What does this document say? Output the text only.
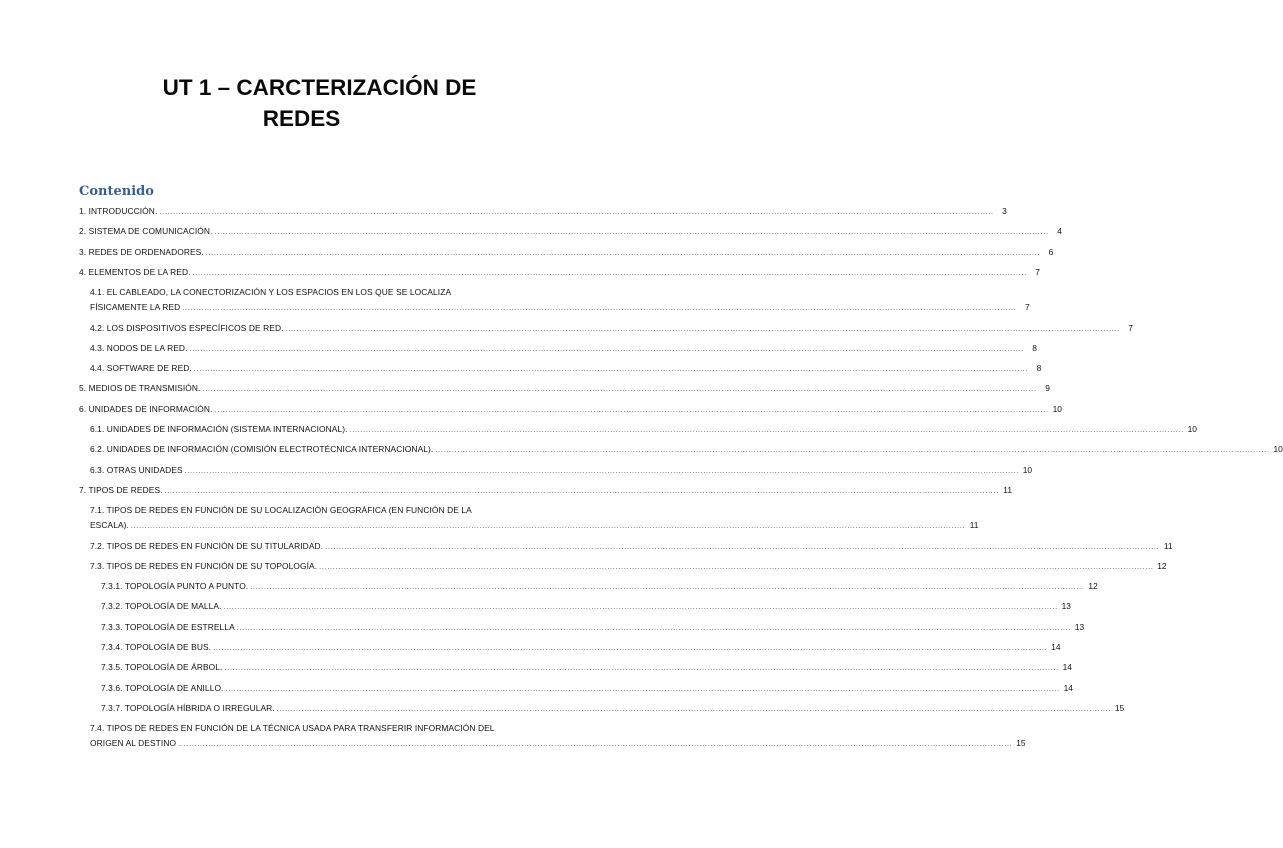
UT 1 – CARCTERIZACIÓN DE
REDES
Contenido
1. INTRODUCCIÓN. ................................................................................................................................................................................................................................................................................................................ 3
2. SISTEMA DE COMUNICACIÓN. ................................................................................................................................................................................................................................................................................................................ 4
3. REDES DE ORDENADORES. ................................................................................................................................................................................................................................................................................................................ 6
4. ELEMENTOS DE LA RED. ................................................................................................................................................................................................................................................................................................................ 7
4.1. EL CABLEADO, LA CONECTORIZACIÓN Y LOS ESPACIOS EN LOS QUE SE LOCALIZA
FÍSICAMENTE LA RED ................................................................................................................................................................................................................................................................................................................ 7
4.2. LOS DISPOSITIVOS ESPECÍFICOS DE RED. ................................................................................................................................................................................................................................................................................................................ 7
4.3. NODOS DE LA RED. ................................................................................................................................................................................................................................................................................................................ 8
4.4. SOFTWARE DE RED. ................................................................................................................................................................................................................................................................................................................ 8
5. MEDIOS DE TRANSMISIÓN. ................................................................................................................................................................................................................................................................................................................ 9
6. UNIDADES DE INFORMACIÓN. ................................................................................................................................................................................................................................................................................................................ 10
6.1. UNIDADES DE INFORMACIÓN (SISTEMA INTERNACIONAL). ................................................................................................................................................................................................................................................................................................................ 10
6.2. UNIDADES DE INFORMACIÓN (COMISIÓN ELECTROTÉCNICA INTERNACIONAL). ................................................................................................................................................................................................................................................................................................................ 10
6.3. OTRAS UNIDADES ................................................................................................................................................................................................................................................................................................................ 10
7. TIPOS DE REDES. ................................................................................................................................................................................................................................................................................................................ 11
7.1. TIPOS DE REDES EN FUNCIÓN DE SU LOCALIZACIÓN GEOGRÁFICA (EN FUNCIÓN DE LA
ESCALA). ................................................................................................................................................................................................................................................................................................................ 11
7.2. TIPOS DE REDES EN FUNCIÓN DE SU TITULARIDAD. ................................................................................................................................................................................................................................................................................................................ 11
7.3. TIPOS DE REDES EN FUNCIÓN DE SU TOPOLOGÍA. ................................................................................................................................................................................................................................................................................................................ 12
7.3.1. TOPOLOGÍA PUNTO A PUNTO. ................................................................................................................................................................................................................................................................................................................ 12
7.3.2. TOPOLOGÍA DE MALLA. ................................................................................................................................................................................................................................................................................................................ 13
7.3.3. TOPOLOGÍA DE ESTRELLA ................................................................................................................................................................................................................................................................................................................ 13
7.3.4. TOPOLOGÍA DE BUS. ................................................................................................................................................................................................................................................................................................................ 14
7.3.5. TOPOLOGÍA DE ÁRBOL. ................................................................................................................................................................................................................................................................................................................ 14
7.3.6. TOPOLOGÍA DE ANILLO. ................................................................................................................................................................................................................................................................................................................ 14
7.3.7. TOPOLOGÍA HÍBRIDA O IRREGULAR. ................................................................................................................................................................................................................................................................................................................ 15
7.4. TIPOS DE REDES EN FUNCIÓN DE LA TÉCNICA USADA PARA TRANSFERIR INFORMACIÓN DEL
ORIGEN AL DESTINO ................................................................................................................................................................................................................................................................................................................ 15
